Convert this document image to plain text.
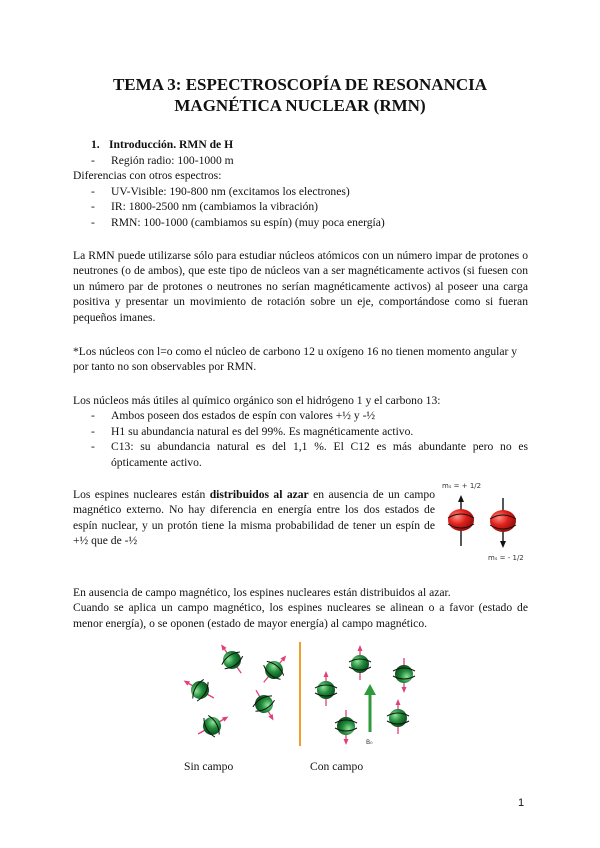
TEMA 3: ESPECTROSCOPÍA DE RESONANCIA
MAGNÉTICA NUCLEAR (RMN)
1. Introducción. RMN de H
- Región radio: 100-1000 m
Diferencias con otros espectros:
- UV-Visible: 190-800 nm (excitamos los electrones)
- IR: 1800-2500 nm (cambiamos la vibración)
- RMN: 100-1000 (cambiamos su espín) (muy poca energía)

La RMN puede utilizarse sólo para estudiar núcleos atómicos con un número impar de protones o neutrones (o de ambos), que este tipo de núcleos van a ser magnéticamente activos (si fuesen con un número par de protones o neutrones no serían magnéticamente activos) al poseer una carga positiva y presentar un movimiento de rotación sobre un eje, comportándose como si fueran pequeños imanes.

*Los núcleos con l=o como el núcleo de carbono 12 u oxígeno 16 no tienen momento angular y por tanto no son observables por RMN.

Los núcleos más útiles al químico orgánico son el hidrógeno 1 y el carbono 13:
- Ambos poseen dos estados de espín con valores +½ y -½
- H1 su abundancia natural es del 99%. Es magnéticamente activo.
- C13: su abundancia natural es del 1,1 %. El C12 es más abundante pero no es ópticamente activo.

Los espines nucleares están distribuidos al azar en ausencia de un campo magnético externo. No hay diferencia en energía entre los dos estados de espín nuclear, y un protón tiene la misma probabilidad de tener un espín de +½ que de -½

mₛ = + 1/2
mₛ = - 1/2
En ausencia de campo magnético, los espines nucleares están distribuidos al azar.
Cuando se aplica un campo magnético, los espines nucleares se alinean o a favor (estado de menor energía), o se oponen (estado de mayor energía) al campo magnético.
B₀
Sin campo	Con campo
1
